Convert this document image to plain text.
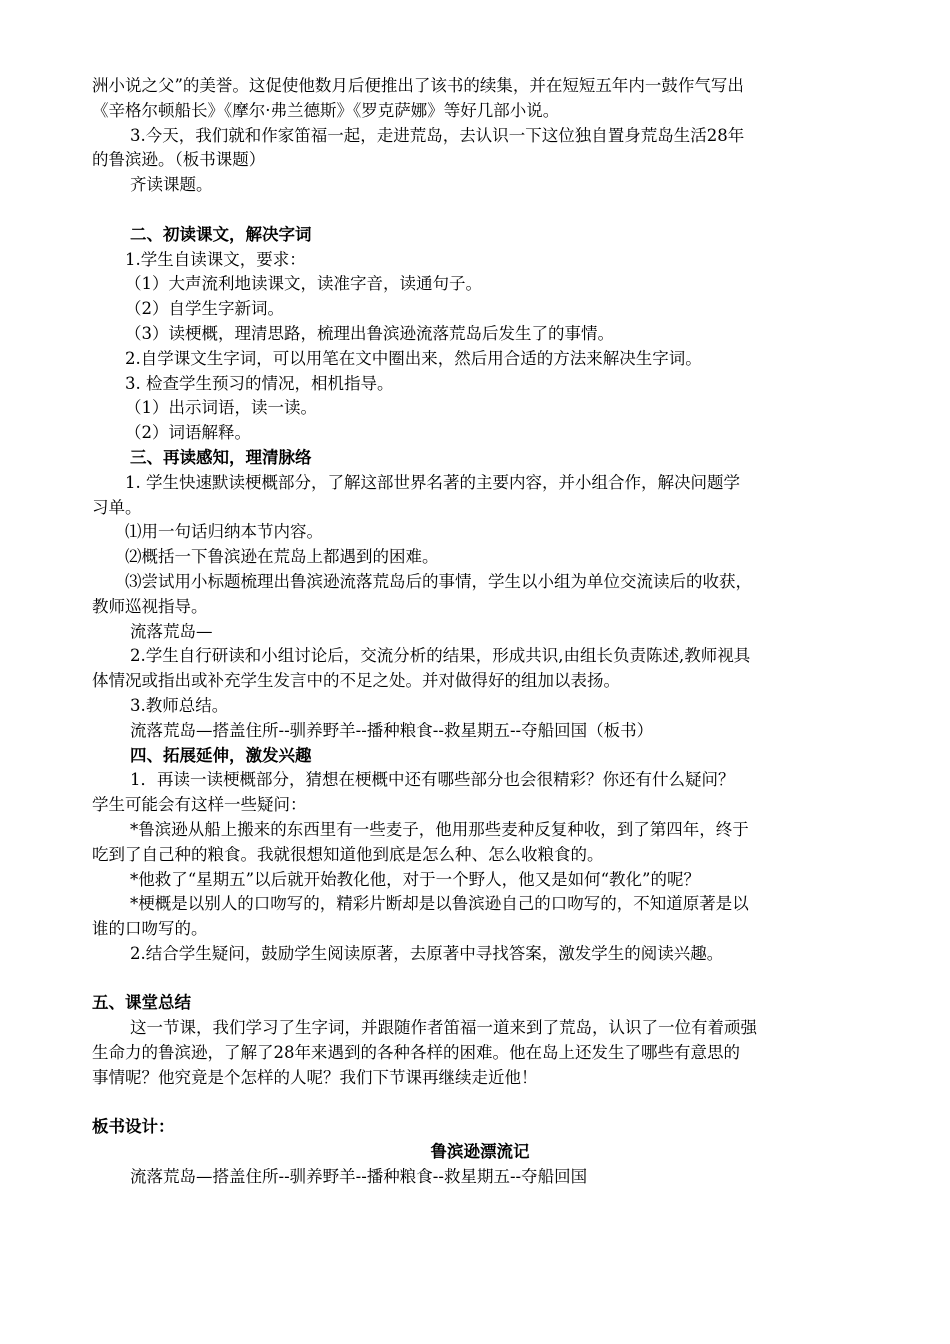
洲小说之父”的美誉。这促使他数月后便推出了该书的续集，并在短短五年内一鼓作气写出
《辛格尔顿船长》《摩尔·弗兰德斯》《罗克萨娜》等好几部小说。
3.今天，我们就和作家笛福一起，走进荒岛，去认识一下这位独自置身荒岛生活28年
的鲁滨逊。（板书课题）
齐读课题。
二、初读课文，解决字词
1.学生自读课文，要求：
（1）大声流利地读课文，读准字音，读通句子。
（2）自学生字新词。
（3）读梗概，理清思路，梳理出鲁滨逊流落荒岛后发生了的事情。
2.自学课文生字词，可以用笔在文中圈出来，然后用合适的方法来解决生字词。
3. 检查学生预习的情况，相机指导。
（1）出示词语，读一读。
（2）词语解释。
三、再读感知，理清脉络
1. 学生快速默读梗概部分，了解这部世界名著的主要内容，并小组合作，解决问题学
习单。
⑴用一句话归纳本节内容。
⑵概括一下鲁滨逊在荒岛上都遇到的困难。
⑶尝试用小标题梳理出鲁滨逊流落荒岛后的事情，学生以小组为单位交流读后的收获，
教师巡视指导。
流落荒岛—
2.学生自行研读和小组讨论后，交流分析的结果，形成共识,由组长负责陈述,教师视具
体情况或指出或补充学生发言中的不足之处。并对做得好的组加以表扬。
3.教师总结。
流落荒岛—搭盖住所--驯养野羊--播种粮食--救星期五--夺船回国（板书）
四、拓展延伸，激发兴趣
1．再读一读梗概部分，猜想在梗概中还有哪些部分也会很精彩？你还有什么疑问？
学生可能会有这样一些疑问：
*鲁滨逊从船上搬来的东西里有一些麦子，他用那些麦种反复种收，到了第四年，终于
吃到了自己种的粮食。我就很想知道他到底是怎么种、怎么收粮食的。
*他救了“星期五”以后就开始教化他，对于一个野人，他又是如何“教化”的呢？
*梗概是以别人的口吻写的，精彩片断却是以鲁滨逊自己的口吻写的，不知道原著是以
谁的口吻写的。
2.结合学生疑问，鼓励学生阅读原著，去原著中寻找答案，激发学生的阅读兴趣。
五、课堂总结
这一节课，我们学习了生字词，并跟随作者笛福一道来到了荒岛，认识了一位有着顽强
生命力的鲁滨逊，了解了28年来遇到的各种各样的困难。他在岛上还发生了哪些有意思的
事情呢？他究竟是个怎样的人呢？我们下节课再继续走近他！
板书设计：
鲁滨逊漂流记
流落荒岛—搭盖住所--驯养野羊--播种粮食--救星期五--夺船回国
